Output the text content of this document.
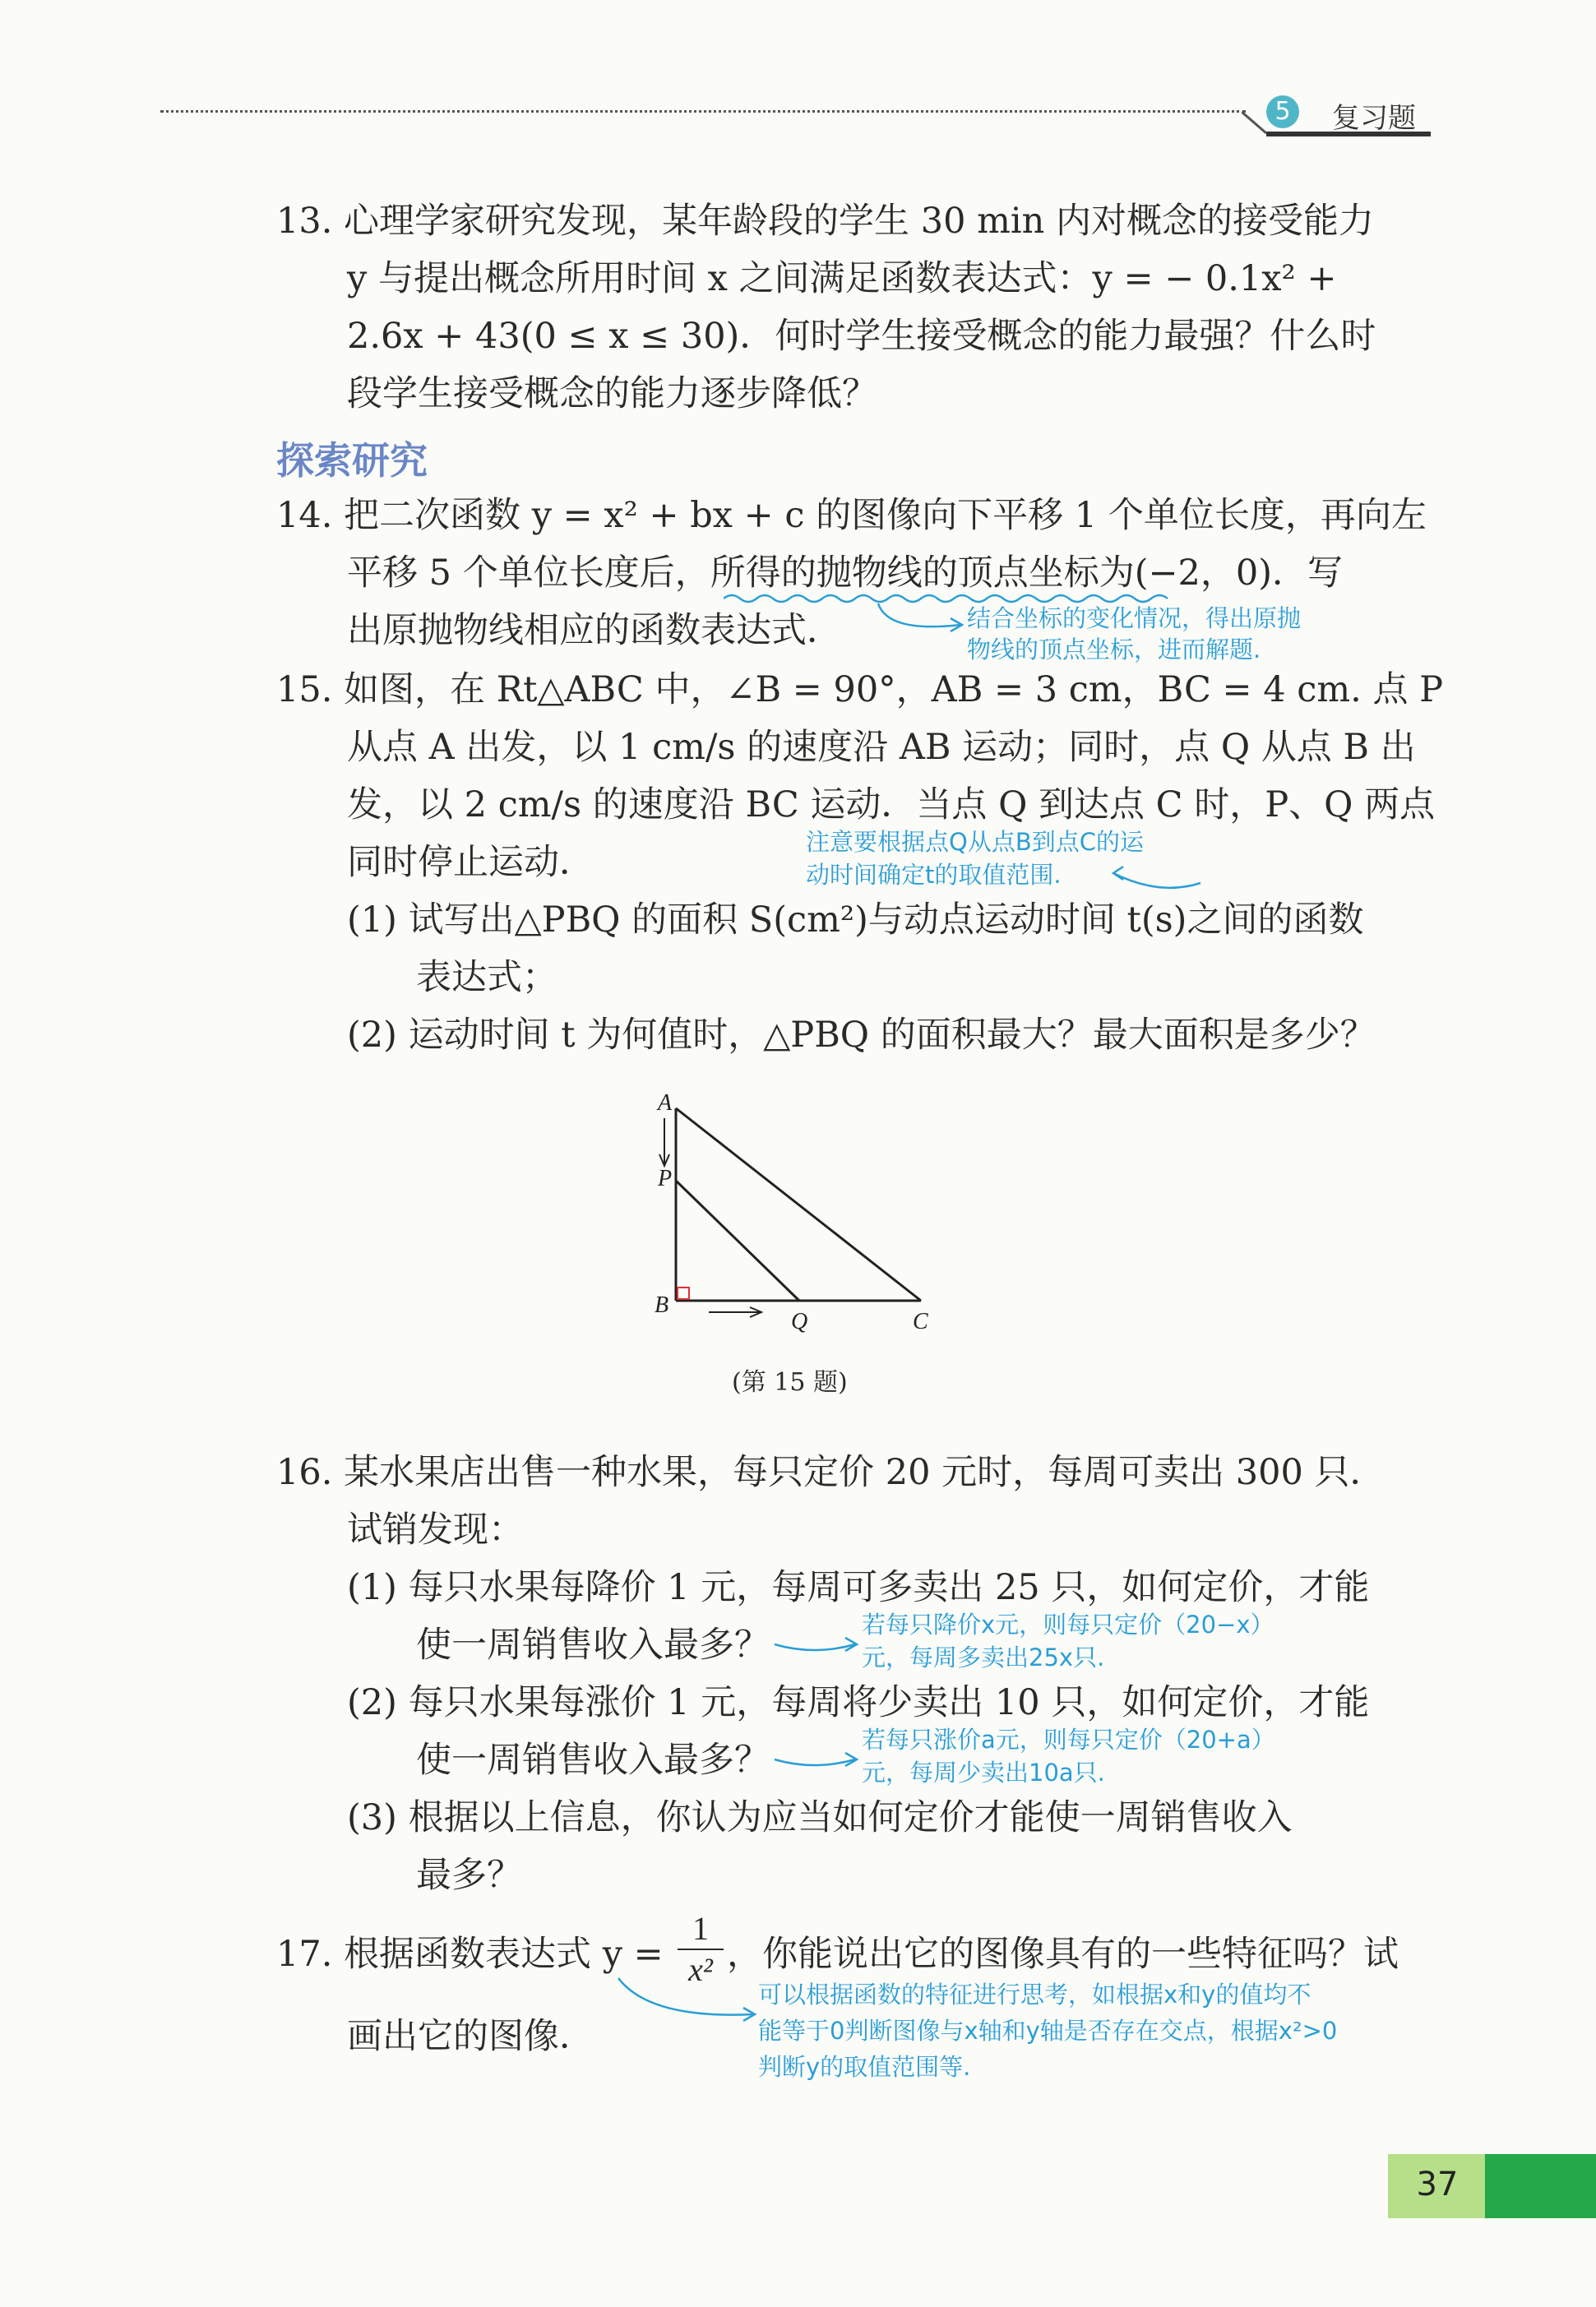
5	复习题
13. 心理学家研究发现，某年龄段的学生 30 min 内对概念的接受能力
y 与提出概念所用时间 x 之间满足函数表达式：y = − 0.1x² +
2.6x + 43(0 ≤ x ≤ 30)．何时学生接受概念的能力最强？什么时
段学生接受概念的能力逐步降低？
探索研究
14. 把二次函数 y = x² + bx + c 的图像向下平移 1 个单位长度，再向左
平移 5 个单位长度后，所得的抛物线的顶点坐标为(−2，0)．写
出原抛物线相应的函数表达式．	结合坐标的变化情况，得出原抛
物线的顶点坐标，进而解题.
15. 如图，在 Rt△ABC 中，∠B = 90°，AB = 3 cm，BC = 4 cm. 点 P
从点 A 出发，以 1 cm/s 的速度沿 AB 运动；同时，点 Q 从点 B 出
发，以 2 cm/s 的速度沿 BC 运动．当点 Q 到达点 C 时，P、Q 两点
同时停止运动．	注意要根据点Q从点B到点C的运
动时间确定t的取值范围.
(1) 试写出△PBQ 的面积 S(cm²)与动点运动时间 t(s)之间的函数
表达式；
(2) 运动时间 t 为何值时，△PBQ 的面积最大？最大面积是多少？
A
P
B
Q	C
(第 15 题)
16. 某水果店出售一种水果，每只定价 20 元时，每周可卖出 300 只．
试销发现：
(1) 每只水果每降价 1 元，每周可多卖出 25 只，如何定价，才能
使一周销售收入最多？	若每只降价x元，则每只定价（20−x）
元，每周多卖出25x只.
(2) 每只水果每涨价 1 元，每周将少卖出 10 只，如何定价，才能
使一周销售收入最多？	若每只涨价a元，则每只定价（20+a）
元，每周少卖出10a只.
(3) 根据以上信息，你认为应当如何定价才能使一周销售收入
最多？
17. 根据函数表达式 y =
1
x² ，你能说出它的图像具有的一些特征吗？试
画出它的图像．
可以根据函数的特征进行思考，如根据x和y的值均不
能等于0判断图像与x轴和y轴是否存在交点，根据x²>0
判断y的取值范围等.
37
